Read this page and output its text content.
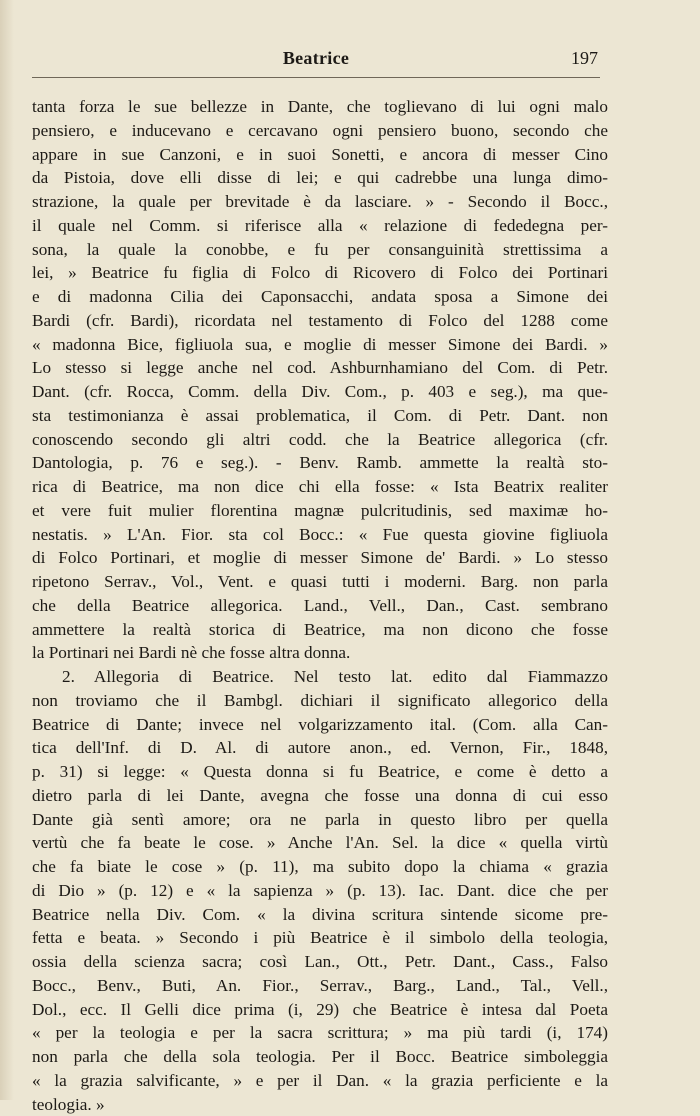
Beatrice	197
tanta forza le sue bellezze in Dante, che toglievano di lui ogni malo
pensiero, e inducevano e cercavano ogni pensiero buono, secondo che
appare in sue Canzoni, e in suoi Sonetti, e ancora di messer Cino
da Pistoia, dove elli disse di lei; e qui cadrebbe una lunga dimo-
strazione, la quale per brevitade è da lasciare. » - Secondo il Bocc.,
il quale nel Comm. si riferisce alla « relazione di fededegna per-
sona, la quale la conobbe, e fu per consanguinità strettissima a
lei, » Beatrice fu figlia di Folco di Ricovero di Folco dei Portinari
e di madonna Cilia dei Caponsacchi, andata sposa a Simone dei
Bardi (cfr. Bardi), ricordata nel testamento di Folco del 1288 come
« madonna Bice, figliuola sua, e moglie di messer Simone dei Bardi. »
Lo stesso si legge anche nel cod. Ashburnhamiano del Com. di Petr.
Dant. (cfr. Rocca, Comm. della Div. Com., p. 403 e seg.), ma que-
sta testimonianza è assai problematica, il Com. di Petr. Dant. non
conoscendo secondo gli altri codd. che la Beatrice allegorica (cfr.
Dantologia, p. 76 e seg.). - Benv. Ramb. ammette la realtà sto-
rica di Beatrice, ma non dice chi ella fosse: « Ista Beatrix realiter
et vere fuit mulier florentina magnæ pulcritudinis, sed maximæ ho-
nestatis. » L'An. Fior. sta col Bocc.: « Fue questa giovine figliuola
di Folco Portinari, et moglie di messer Simone de' Bardi. » Lo stesso
ripetono Serrav., Vol., Vent. e quasi tutti i moderni. Barg. non parla
che della Beatrice allegorica. Land., Vell., Dan., Cast. sembrano
ammettere la realtà storica di Beatrice, ma non dicono che fosse
la Portinari nei Bardi nè che fosse altra donna.
2. Allegoria di Beatrice. Nel testo lat. edito dal Fiammazzo
non troviamo che il Bambgl. dichiari il significato allegorico della
Beatrice di Dante; invece nel volgarizzamento ital. (Com. alla Can-
tica dell'Inf. di D. Al. di autore anon., ed. Vernon, Fir., 1848,
p. 31) si legge: « Questa donna si fu Beatrice, e come è detto a
dietro parla di lei Dante, avegna che fosse una donna di cui esso
Dante già sentì amore; ora ne parla in questo libro per quella
vertù che fa beate le cose. » Anche l'An. Sel. la dice « quella virtù
che fa biate le cose » (p. 11), ma subito dopo la chiama « grazia
di Dio » (p. 12) e « la sapienza » (p. 13). Iac. Dant. dice che per
Beatrice nella Div. Com. « la divina scritura sintende sicome pre-
fetta e beata. » Secondo i più Beatrice è il simbolo della teologia,
ossia della scienza sacra; così Lan., Ott., Petr. Dant., Cass., Falso
Bocc., Benv., Buti, An. Fior., Serrav., Barg., Land., Tal., Vell.,
Dol., ecc. Il Gelli dice prima (i, 29) che Beatrice è intesa dal Poeta
« per la teologia e per la sacra scrittura; » ma più tardi (i, 174)
non parla che della sola teologia. Per il Bocc. Beatrice simboleggia
« la grazia salvificante, » e per il Dan. « la grazia perficiente e la
teologia. »
